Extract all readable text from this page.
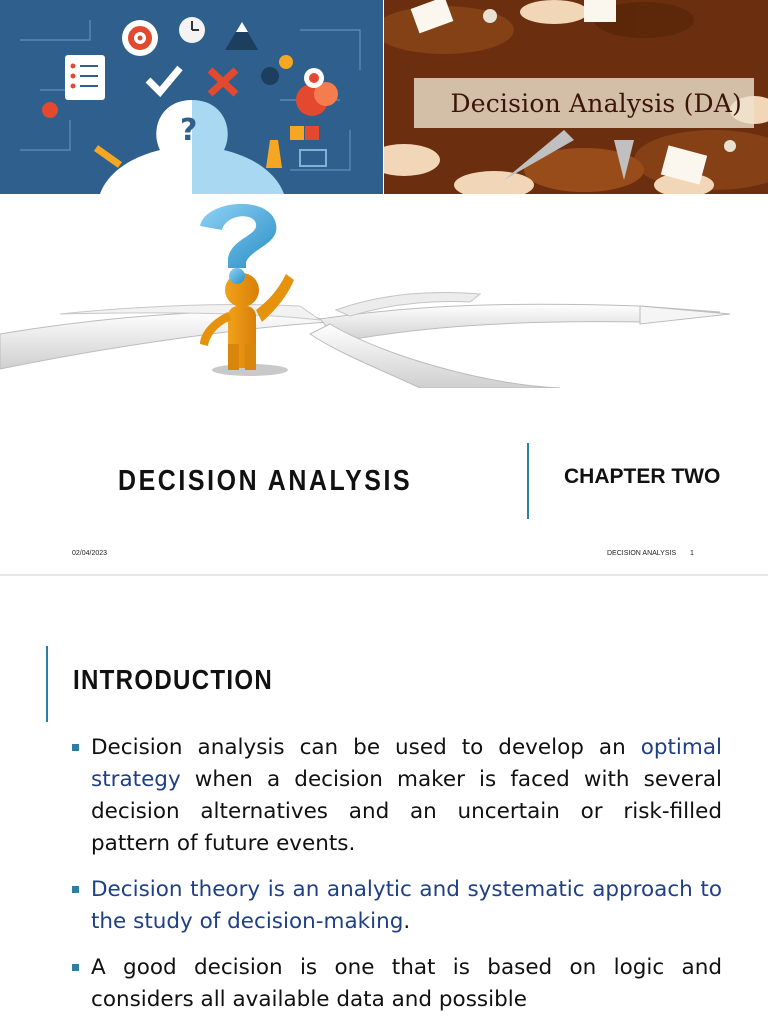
?
Decision Analysis (DA)
DECISION ANALYSIS	CHAPTER TWO
02/04/2023	DECISION ANALYSIS 1
INTRODUCTION
Decision analysis can be used to develop an optimal strategy when a decision maker is faced with several decision alternatives and an uncertain or risk-filled pattern of future events.
Decision theory is an analytic and systematic approach to the study of decision-making.
A good decision is one that is based on logic and considers all available data and possible
